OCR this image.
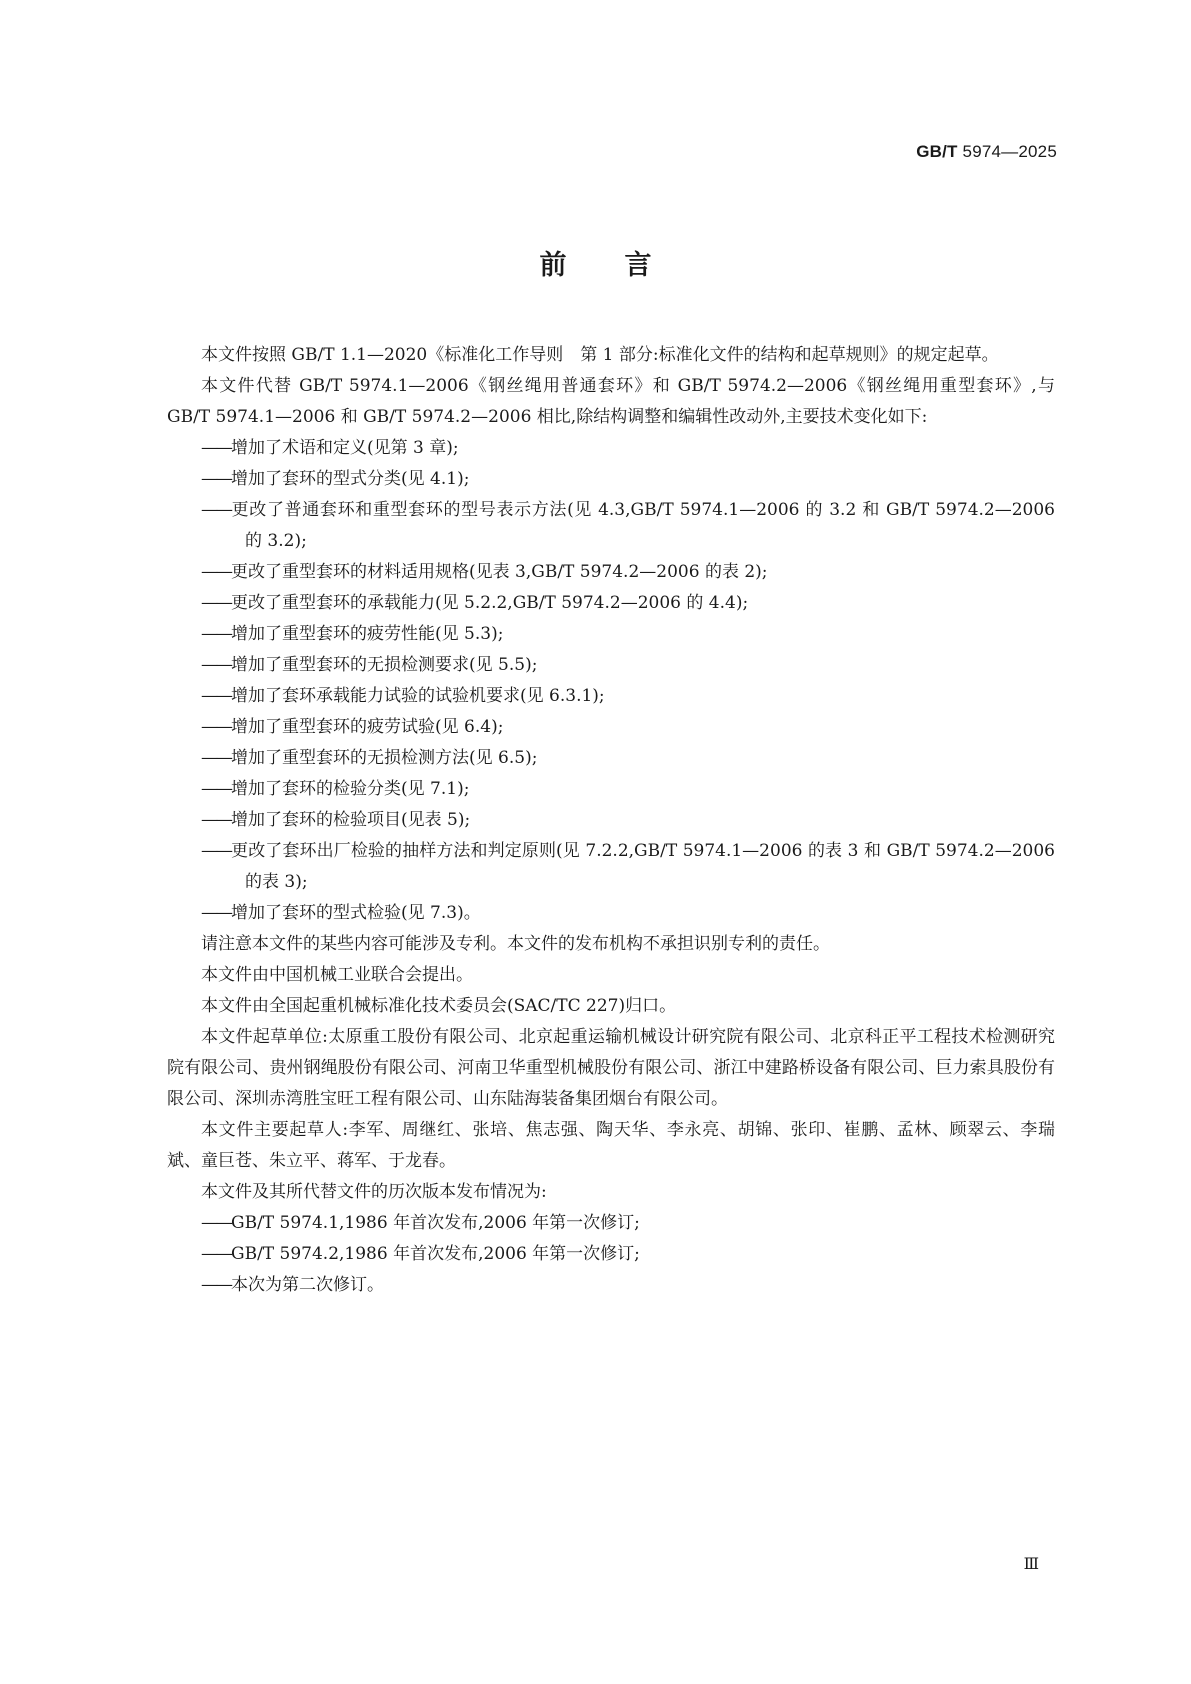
GB/T 5974—2025
前言

本文件按照 GB/T 1.1—2020《标准化工作导则　第 1 部分:标准化文件的结构和起草规则》的规定起草。

本文件代替 GB/T 5974.1—2006《钢丝绳用普通套环》和 GB/T 5974.2—2006《钢丝绳用重型套环》,与 GB/T 5974.1—2006 和 GB/T 5974.2—2006 相比,除结构调整和编辑性改动外,主要技术变化如下:

——增加了术语和定义(见第 3 章);
——增加了套环的型式分类(见 4.1);
——更改了普通套环和重型套环的型号表示方法(见 4.3,GB/T 5974.1—2006 的 3.2 和 GB/T 5974.2—2006 的 3.2);
——更改了重型套环的材料适用规格(见表 3,GB/T 5974.2—2006 的表 2);
——更改了重型套环的承载能力(见 5.2.2,GB/T 5974.2—2006 的 4.4);
——增加了重型套环的疲劳性能(见 5.3);
——增加了重型套环的无损检测要求(见 5.5);
——增加了套环承载能力试验的试验机要求(见 6.3.1);
——增加了重型套环的疲劳试验(见 6.4);
——增加了重型套环的无损检测方法(见 6.5);
——增加了套环的检验分类(见 7.1);
——增加了套环的检验项目(见表 5);
——更改了套环出厂检验的抽样方法和判定原则(见 7.2.2,GB/T 5974.1—2006 的表 3 和 GB/T 5974.2—2006 的表 3);
——增加了套环的型式检验(见 7.3)。

请注意本文件的某些内容可能涉及专利。本文件的发布机构不承担识别专利的责任。

本文件由中国机械工业联合会提出。

本文件由全国起重机械标准化技术委员会(SAC/TC 227)归口。

本文件起草单位:太原重工股份有限公司、北京起重运输机械设计研究院有限公司、北京科正平工程技术检测研究院有限公司、贵州钢绳股份有限公司、河南卫华重型机械股份有限公司、浙江中建路桥设备有限公司、巨力索具股份有限公司、深圳赤湾胜宝旺工程有限公司、山东陆海装备集团烟台有限公司。

本文件主要起草人:李军、周继红、张培、焦志强、陶天华、李永亮、胡锦、张印、崔鹏、孟林、顾翠云、李瑞斌、童巨苍、朱立平、蒋军、于龙春。

本文件及其所代替文件的历次版本发布情况为:

——GB/T 5974.1,1986 年首次发布,2006 年第一次修订;
——GB/T 5974.2,1986 年首次发布,2006 年第一次修订;
——本次为第二次修订。
Ⅲ
